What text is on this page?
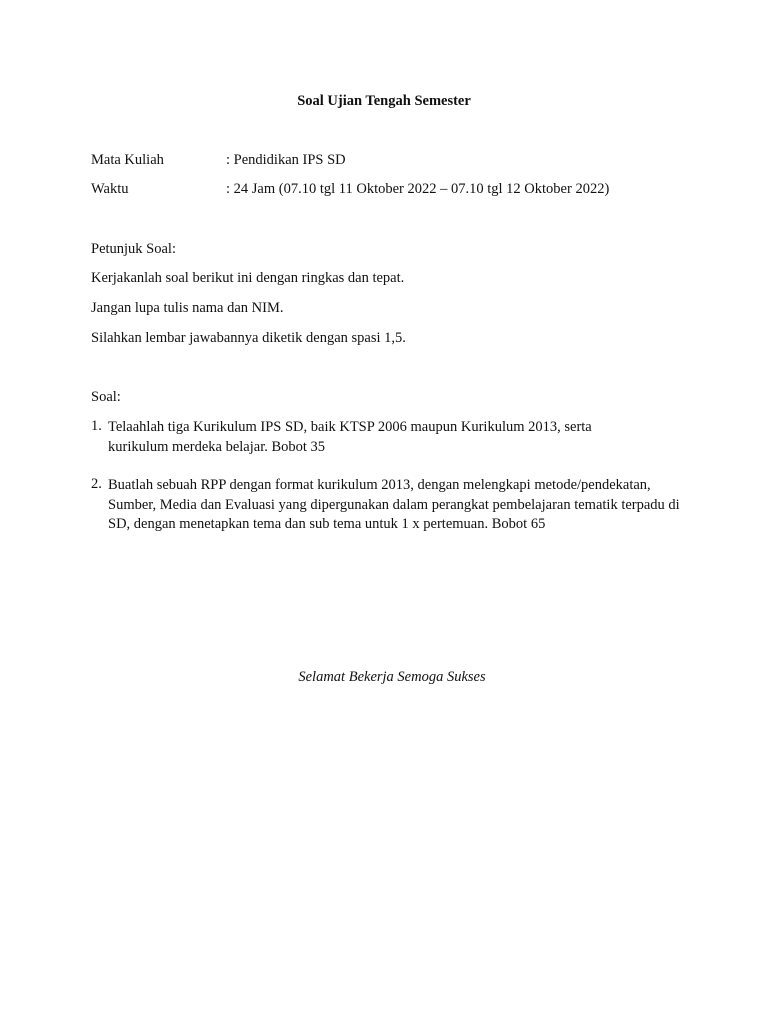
Soal Ujian Tengah Semester
Mata Kuliah	: Pendidikan IPS SD
Waktu	: 24 Jam (07.10 tgl 11 Oktober 2022 – 07.10 tgl 12 Oktober 2022)
Petunjuk Soal:
Kerjakanlah soal berikut ini dengan ringkas dan tepat.
Jangan lupa tulis nama dan NIM.
Silahkan lembar jawabannya diketik dengan spasi 1,5.
Soal:
1. Telaahlah tiga Kurikulum IPS SD, baik KTSP 2006 maupun Kurikulum 2013, serta kurikulum merdeka belajar. Bobot 35
2. Buatlah sebuah RPP dengan format kurikulum 2013, dengan melengkapi metode/pendekatan, Sumber, Media dan Evaluasi yang dipergunakan dalam perangkat pembelajaran tematik terpadu di SD, dengan menetapkan tema dan sub tema untuk 1 x pertemuan. Bobot 65
Selamat Bekerja Semoga Sukses
